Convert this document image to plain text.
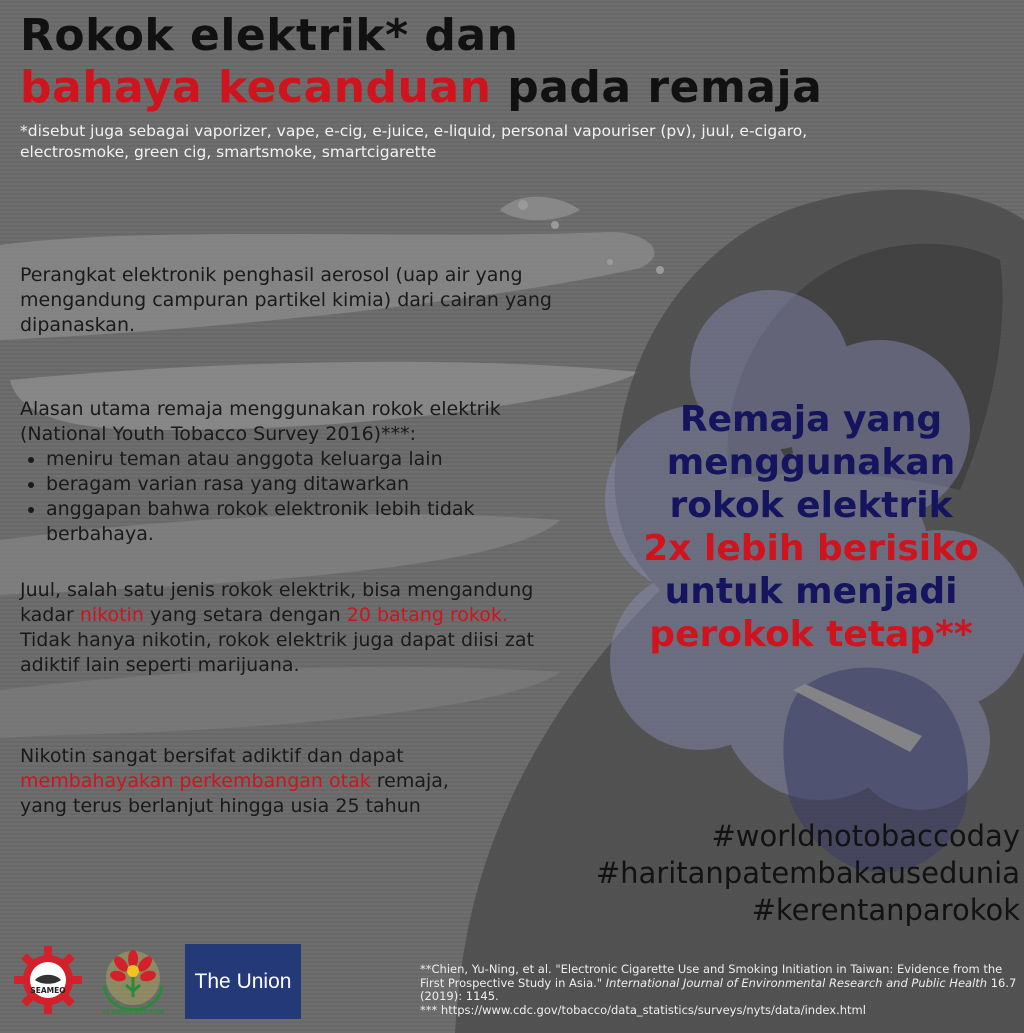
Rokok elektrik* dan
bahaya kecanduan pada remaja
*disebut juga sebagai vaporizer, vape, e-cig, e-juice, e-liquid, personal vapouriser (pv), juul, e-cigaro, electrosmoke, green cig, smartsmoke, smartcigarette

Perangkat elektronik penghasil aerosol (uap air yang mengandung campuran partikel kimia) dari cairan yang dipanaskan.

Alasan utama remaja menggunakan rokok elektrik (National Youth Tobacco Survey 2016)***:
• meniru teman atau anggota keluarga lain
• beragam varian rasa yang ditawarkan
• anggapan bahwa rokok elektronik lebih tidak berbahaya.

Juul, salah satu jenis rokok elektrik, bisa mengandung kadar nikotin yang setara dengan 20 batang rokok. Tidak hanya nikotin, rokok elektrik juga dapat diisi zat adiktif lain seperti marijuana.

Nikotin sangat bersifat adiktif dan dapat membahayakan perkembangan otak remaja, yang terus berlanjut hingga usia 25 tahun

Remaja yang
menggunakan
rokok elektrik
2x lebih berisiko
untuk menjadi
perokok tetap**
#worldnotobaccoday
#haritanpatembakausedunia
#kerentanparokok
**Chien, Yu-Ning, et al. "Electronic Cigarette Use and Smoking Initiation in Taiwan: Evidence from the First Prospective Study in Asia." International Journal of Environmental Research and Public Health 16.7 (2019): 1145.
*** https://www.cdc.gov/tobacco/data_statistics/surveys/nyts/data/index.html
SEAMEO
SEAMEO RECFON
The Union
